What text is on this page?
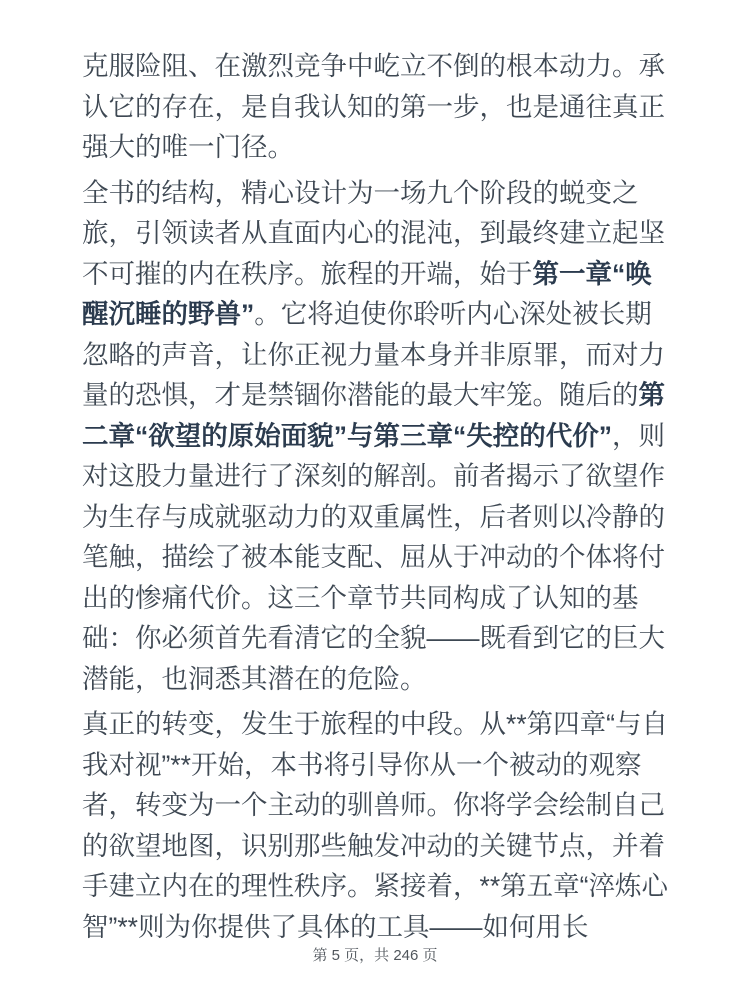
克服险阻、在激烈竞争中屹立不倒的根本动力。承认它的存在，是自我认知的第一步，也是通往真正强大的唯一门径。

全书的结构，精心设计为一场九个阶段的蜕变之旅，引领读者从直面内心的混沌，到最终建立起坚不可摧的内在秩序。旅程的开端，始于第一章“唤醒沉睡的野兽”。它将迫使你聆听内心深处被长期忽略的声音，让你正视力量本身并非原罪，而对力量的恐惧，才是禁锢你潜能的最大牢笼。随后的第二章“欲望的原始面貌”与第三章“失控的代价”，则对这股力量进行了深刻的解剖。前者揭示了欲望作为生存与成就驱动力的双重属性，后者则以冷静的笔触，描绘了被本能支配、屈从于冲动的个体将付出的惨痛代价。这三个章节共同构成了认知的基础：你必须首先看清它的全貌——既看到它的巨大潜能，也洞悉其潜在的危险。

真正的转变，发生于旅程的中段。从**第四章“与自我对视”**开始，本书将引导你从一个被动的观察者，转变为一个主动的驯兽师。你将学会绘制自己的欲望地图，识别那些触发冲动的关键节点，并着手建立内在的理性秩序。紧接着，**第五章“淬炼心智”**则为你提供了具体的工具——如何用长

第 5 页，共 246 页
